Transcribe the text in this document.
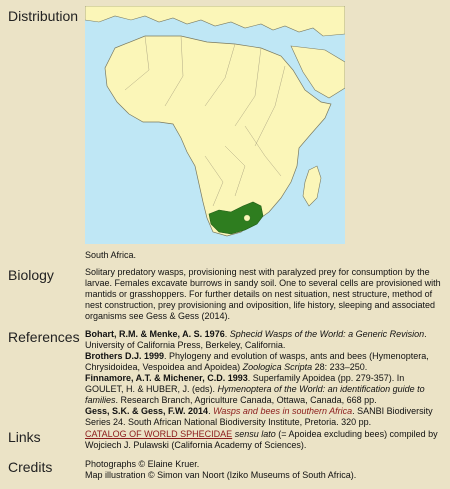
Distribution
South Africa.
Biology	Solitary predatory wasps, provisioning nest with paralyzed prey for consumption by the larvae. Females excavate burrows in sandy soil. One to several cells are provisioned with mantids or grasshoppers. For further details on nest situation, nest structure, method of nest construction, prey provisioning and oviposition, life history, sleeping and associated organisms see Gess & Gess (2014).
References Bohart, R.M. & Menke, A. S. 1976. Sphecid Wasps of the World: a Generic Revision. University of California Press, Berkeley, California.

Brothers D.J. 1999. Phylogeny and evolution of wasps, ants and bees (Hymenoptera, Chrysidoidea, Vespoidea and Apoidea) Zoologica Scripta 28: 233–250.

Finnamore, A.T. & Michener, C.D. 1993. Superfamily Apoidea (pp. 279-357). In GOULET, H. & HUBER, J. (eds). Hymenoptera of the World: an identification guide to families. Research Branch, Agriculture Canada, Ottawa, Canada, 668 pp.

Gess, S.K. & Gess, F.W. 2014. Wasps and bees in southern Africa. SANBI Biodiversity Series 24. South African National Biodiversity Institute, Pretoria. 320 pp.

Links	CATALOG OF WORLD SPHECIDAE sensu lato (= Apoidea excluding bees) compiled by Wojciech J. Pulawski (California Academy of Sciences).
Credits	Photographs © Elaine Kruer.
Map illustration © Simon van Noort (Iziko Museums of South Africa).
